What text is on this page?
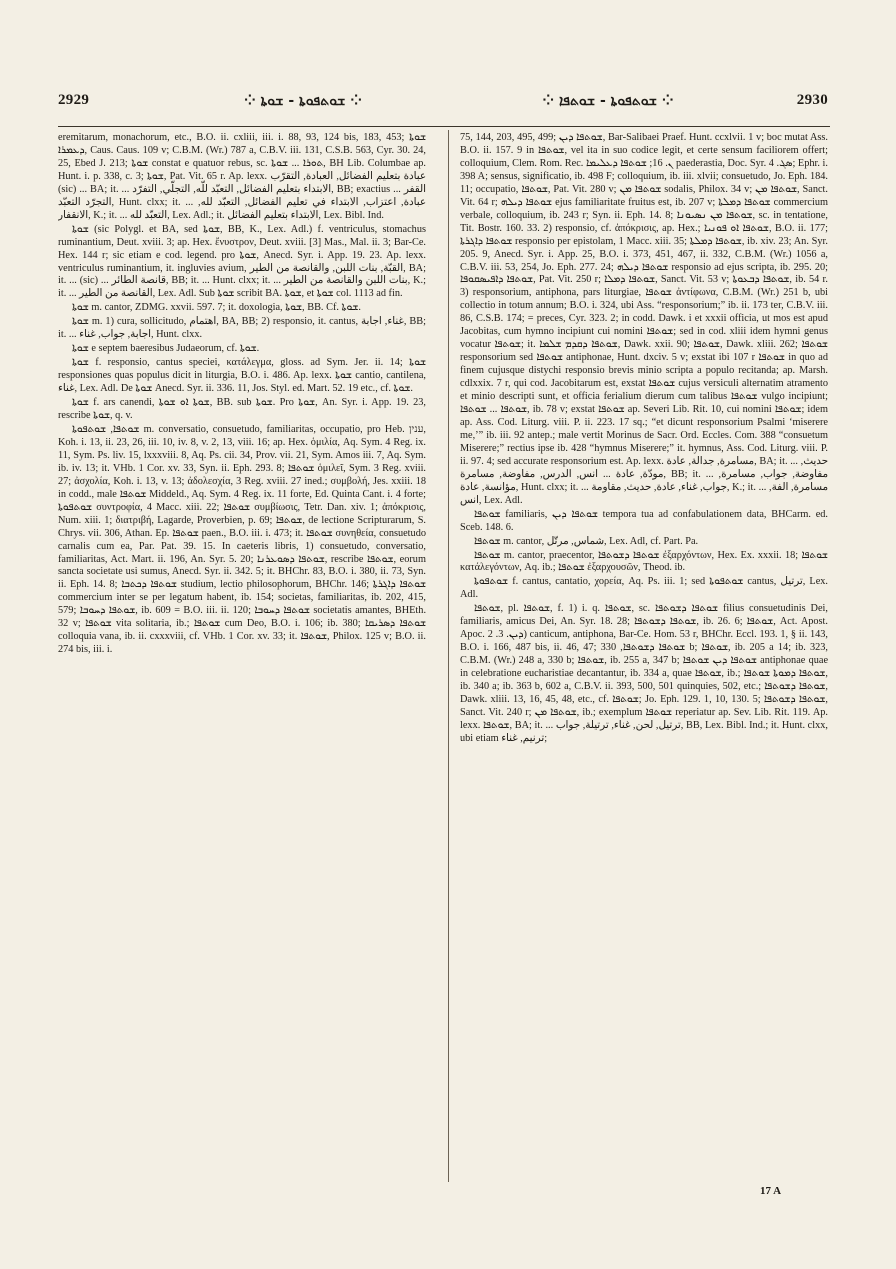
2929	⁘ ܫܘܬܦܘܬܐ - ܫܘܬܐ ⁘	⁘ ܫܘܬܦܘܬܐ - ܫܘܬܦܐ ⁘	2930

eremitarum, monachorum, etc., B.O. ii. cxliii, iii. i. 88, 93, 124 bis, 183, 453; ܫܘܬܐ ܕܥܡܪܐ, Caus. Caus. 109 v; C.B.M. (Wr.) 787 a, C.B.V. iii. 131, C.S.B. 563, Cyr. 30. 24, 25, Ebed J. 213; ܫܘܬܐ constat e quatuor rebus, sc. ܬܘܪܐ ... ܫܘܬܐ, BH Lib. Columbae ap. Hunt. i. p. 338, c. 3; ܫܘܬܐ, Pat. Vit. 65 r. Ap. lexx. عبادة بتعليم الفضائل, العبادة, التقرّب (sic) ... BA; it. ... الابتداء بتعليم الفضائل, التعبّد للّه, التجلّي, التفرّد, BB; exactius ... القفر التجرّد التعبّد, Hunt. clxx; it. ... عبادة, اعتزاب, الابتداء في تعليم الفضائل, التعبّد لله, الانقفار, K.; it. ... التعبّد لله, Lex. Adl.; it. الابتداء بتعليم الفضائل, Lex. Bibl. Ind.

ܫܘܬܐ (sic Polygl. et BA, sed ܫܘܬܐ, BB, K., Lex. Adl.) f. ventriculus, stomachus ruminantium, Deut. xviii. 3; ap. Hex. ἔνυστρον, Deut. xviii. [3] Mas., Mal. ii. 3; Bar-Ce. Hex. 144 r; sic etiam e cod. legend. pro ܫܘܬܐ, Anecd. Syr. i. App. 19. 23. Ap. lexx. ventriculus ruminantium, it. ingluvies avium, القبّة, بنات اللبن, والقانصة من الطير, BA; it. ... (sic) ... قانصة الطائر, BB; it. ... Hunt. clxx; it. ... بنات اللبن والقانصة من الطير, K.; it. ... القانصة من الطير, Lex. Adl. Sub ܫܘܬܐ scribit BA. ܫܘܬܐ, et ܫܘܬܐ col. 1113 ad fin.

ܫܘܬܐ m. cantor, ZDMG. xxvii. 597. 7; it. doxologia, ܫܘܬܐ, BB. Cf. ܫܘܬܐ.

ܫܘܬܐ m. 1) cura, sollicitudo, اهتمام, BA, BB; 2) responsio, it. cantus, غناء, اجابة, BB; it. ... اجابة, جواب, غناء, Hunt. clxx.

ܫܘܬܐ e septem baeresibus Judaeorum, cf. ܫܘܬܐ.

ܫܘܬܐ f. responsio, cantus speciei, κατάλεγμα, gloss. ad Sym. Jer. ii. 14; ܫܘܬܐ responsiones quas populus dicit in liturgia, B.O. i. 486. Ap. lexx. ܫܘܬܐ cantio, cantilena, غناء, Lex. Adl. De ܫܘܬܐ Anecd. Syr. ii. 336. 11, Jos. Styl. ed. Mart. 52. 19 etc., cf. ܫܘܬܐ.

ܫܘܬܐ f. ars canendi, ܫܘܬܐ ܐܘ ܫܘܬܐ, BB. sub ܫܘܬܐ. Pro ܫܘܬܐ, An. Syr. i. App. 19. 23, rescribe ܫܘܬܐ, q. v.

ܫܘܬܦܐ, ܫܘܬܦܘܬܐ m. conversatio, consuetudo, familiaritas, occupatio, pro Heb. ענין, Koh. i. 13, ii. 23, 26, iii. 10, iv. 8, v. 2, 13, viii. 16; ap. Hex. ὁμιλία, Aq. Sym. 4 Reg. ix. 11, Sym. Ps. liv. 15, lxxxviii. 8, Aq. Ps. cii. 34, Prov. vii. 21, Sym. Amos iii. 7, Aq. Sym. ib. iv. 13; it. VHb. 1 Cor. xv. 33, Syn. ii. Eph. 293. 8; ܫܘܬܦܐ ὁμιλεῖ, Sym. 3 Reg. xviii. 27; ἀσχολία, Koh. i. 13, v. 13; ἀδολεσχία, 3 Reg. xviii. 27 ined.; συμβολή, Jes. xxiii. 18 in codd., male ܫܘܬܦܐ Middeld., Aq. Sym. 4 Reg. ix. 11 forte, Ed. Quinta Cant. i. 4 forte; ܫܘܬܦܘܬܐ συντροφία, 4 Macc. xiii. 22; ܫܘܬܦܐ συμβίωσις, Tetr. Dan. xiv. 1; ἀπόκρισις, Num. xiii. 1; διατριβή, Lagarde, Proverbien, p. 69; ܫܘܬܦܐ, de lectione Scripturarum, S. Chrys. vii. 306, Athan. Ep. ܫܘܬܦܐ paen., B.O. iii. i. 473; it. ܫܘܬܦܐ συνηθεία, consuetudo carnalis cum ea, Par. Pat. 39. 15. In caeteris libris, 1) consuetudo, conversatio, familiaritas, Act. Mart. ii. 196, An. Syr. 5. 20; ܫܘܬܦܐ ܕܣܘܥܪܢܐ, rescribe ܫܘܬܦܐ, eorum sancta societate usi sumus, Anecd. Syr. ii. 342. 5; it. BHChr. 83, B.O. i. 380, ii. 73, Syn. ii. Eph. 14. 8; ܫܘܬܦܐ ܕܟܬܒܐ studium, lectio philosophorum, BHChr. 146; ܫܘܬܦܐ ܕܐܓܪܬܐ commercium inter se per legatum habent, ib. 154; societas, familiaritas, ib. 202, 415, 579; ܫܘܬܦܐ ܕܚܘܒܐ, ib. 609 = B.O. iii. ii. 120; ܫܘܬܦܐ ܕܚܘܒܐ societatis amantes, BHEth. 32 v; ܫܘܬܦܐ vita solitaria, ib.; ܫܘܬܦܐ cum Deo, B.O. i. 106; ib. 380; ܫܘܬܦܐ ܕܣܪܝܩܐ colloquia vana, ib. ii. cxxxviii, cf. VHb. 1 Cor. xv. 33; it. ܫܘܬܦܐ, Philox. 125 v; B.O. ii. 274 bis, iii. i.

75, 144, 203, 495, 499; ܫܘܬܦܐ ܕܝܢ, Bar-Salibaei Praef. Hunt. ccxlvii. 1 v; boc mutat Ass. B.O. ii. 157. 9 in ܫܘܬܦܐ, vel ita in suo codice legit, et certe sensum faciliorem offert; colloquium, Clem. Rom. Rec. ܢ. 16; ܫܘܬܦܐ ܕܥܠܝܡܐ paederastia, Doc. Syr. ܣܓ. 4; Ephr. i. 398 A; sensus, significatio, ib. 498 F; colloquium, ib. iii. xlvii; consuetudo, Jo. Eph. 184. 11; occupatio, ܫܘܬܦܐ, Pat. Vit. 280 v; ܫܘܬܦܐ ܡܢ sodalis, Philox. 34 v; ܫܘܬܦܐ ܡܢ, Sanct. Vit. 64 r; ܫܘܬܦܐ ܕܝܠܗ ejus familiaritate fruitus est, ib. 207 v; ܫܘܬܦܐ ܕܡܠܬܐ commercium verbale, colloquium, ib. 243 r; Syn. ii. Eph. 14. 8; ܫܘܬܦܐ ܡܢ ܢܣܝܘܢܐ, sc. in tentatione, Tit. Bostr. 160. 33. 2) responsio, cf. ἀπόκρισις, ap. Hex.; ܫܘܬܦܐ ܐܘ ܦܘܢܝܐ, B.O. ii. 177; ܫܘܬܦܐ ܕܐܓܪܬܐ responsio per epistolam, 1 Macc. xiii. 35; ܫܘܬܦܐ ܕܡܠܬܐ, ib. xiv. 23; An. Syr. 205. 9, Anecd. Syr. i. App. 25, B.O. i. 373, 451, 467, ii. 332, C.B.M. (Wr.) 1056 a, C.B.V. iii. 53, 254, Jo. Eph. 277. 24; ܫܘܬܦܐ ܕܝܠܗ responsio ad ejus scripta, ib. 295. 20; ܫܘܬܦܐ ܕܐܦܝܣܩܘܦܐ, Pat. Vit. 250 r; ܫܘܬܦܐ ܕܡܠܐ, Sanct. Vit. 53 v; ܫܘܬܦܐ ܕܒܥܘܬܐ, ib. 54 r. 3) responsorium, antiphona, pars liturgiae, ܫܘܬܦܐ ἀντίφωνα, C.B.M. (Wr.) 251 b, ubi collectio in totum annum; B.O. i. 324, ubi Ass. “responsorium;” ib. ii. 173 ter, C.B.V. iii. 86, C.S.B. 174; = preces, Cyr. 323. 2; in codd. Dawk. i et xxxii officia, ut mos est apud Jacobitas, cum hymno incipiunt cui nomini ܫܘܬܦܐ; sed in cod. xliii idem hymni genus vocatur ܫܘܬܦܐ; it. ܫܘܬܦܐ ܕܩܕܡ ܫܠܡܐ, Dawk. xxii. 90; ܫܘܬܦܐ, Dawk. xliii. 262; ܫܘܬܦܐ responsorium sed ܫܘܬܦܐ antiphonae, Hunt. dxciv. 5 v; exstat ibi 107 r ܫܘܬܦܐ in quo ad finem cujusque distychi responsio brevis minio scripta a populo recitanda; ap. Marsh. cdlxxix. 7 r, qui cod. Jacobitarum est, exstat ܫܘܬܦܐ cujus versiculi alternatim atramento et minio descripti sunt, et officia ferialium dierum cum talibus ܫܘܬܦܐ vulgo incipiunt; ܫܘܬܦܐ ... ܫܘܬܦܐ, ib. 78 v; exstat ܫܘܬܦܐ ap. Severi Lib. Rit. 10, cui nomini ܫܘܬܦܐ; idem ap. Ass. Cod. Liturg. viii. P. ii. 223. 17 sq.; “et dicunt responsorium Psalmi ‘miserere me,’” ib. iii. 92 antep.; male vertit Morinus de Sacr. Ord. Eccles. Com. 388 “consuetum Miserere;” rectius ipse ib. 428 “hymnus Miserere;” it. hymnus, Ass. Cod. Liturg. viii. P. ii. 97. 4; sed accurate responsorium est. Ap. lexx. مسامرة, جدالة, عادة, BA; it. ... حديث, مودّة, عادة ... انس, الدرس, مفاوضة, مسامرة, BB; it. ... مفاوضة, جواب, مسامرة, مؤانسة, عادة, Hunt. clxx; it. ... جواب, غناء, عادة, حديث, مقاومة, K.; it. ... مسامرة, الفة, انس, Lex. Adl.

ܫܘܬܦܐ familiaris, ܫܘܬܦܐ ܕܝܢ tempora tua ad confabulationem data, BHCarm. ed. Sceb. 148. 6.

ܫܘܬܦܐ m. cantor, شماس, مرتّل, Lex. Adl, cf. Part. Pa.

ܫܘܬܦܐ m. cantor, praecentor, ܫܘܬܦܐ ܕܫܘܬܦܐ ἐξαρχόντων, Hex. Ex. xxxii. 18; ܫܘܬܦܐ κατάλεγόντων, Aq. ib.; ܫܘܬܦܐ ἐξαρχουσῶν, Theod. ib.

ܫܘܬܦܘܬܐ f. cantus, cantatio, χορεία, Aq. Ps. iii. 1; sed ܫܘܬܦܘܬܐ cantus, ترتيل, Lex. Adl.

ܫܘܬܦܐ, pl. ܫܘܬܦܐ, f. 1) i. q. ܫܘܬܦܐ, sc. ܫܘܬܦܐ ܕܫܘܬܦܐ filius consuetudinis Dei, familiaris, amicus Dei, An. Syr. 18. 28; ܫܘܬܦܐ ܕܫܘܬܦܐ, ib. 26. 6; ܫܘܬܦܐ, Act. Apost. Apoc. ܕܝܢ. 3. 2) canticum, antiphona, Bar-Ce. Hom. 53 r, BHChr. Eccl. 193. 1, § ii. 143, B.O. i. 166, 487 bis, ii. 46, 47; ܫܘܬܦܐ ܕܫܘܬܦܐ, 330 b; ܫܘܬܦܐ, ib. 205 a 14; ib. 323, C.B.M. (Wr.) 248 a, 330 b; ܫܘܬܦܐ, ib. 255 a, 347 b; ܫܘܬܦܐ ܕܝܢ ܫܘܬܦܐ antiphonae quae in celebratione eucharistiae decantantur, ib. 334 a, quae ܫܘܬܦܐ, ib.; ܫܘܬܦܐ ܕܡܘܬܐ ܫܘܬܦܐ, ib. 340 a; ib. 363 b, 602 a, C.B.V. ii. 393, 500, 501 quinquies, 502, etc.; ܫܘܬܦܐ ܕܫܘܬܦܐ, Dawk. xliii. 13, 16, 45, 48, etc., cf. ܫܘܬܦܐ; Jo. Eph. 129. 1, 10, 130. 5; ܫܘܬܦܐ ܕܫܘܬܦܐ, Sanct. Vit. 240 r; ܫܘܬܦܐ ܡܢ, ib.; exemplum ܫܘܬܦܐ reperiatur ap. Sev. Lib. Rit. 119. Ap. lexx. ܫܘܬܦܐ, BA; it. ... ترتيل, لحن, غناء, ترتيلة, جواب, BB, Lex. Bibl. Ind.; it. Hunt. clxx, ubi etiam ترنيم, غناء;

17 A
